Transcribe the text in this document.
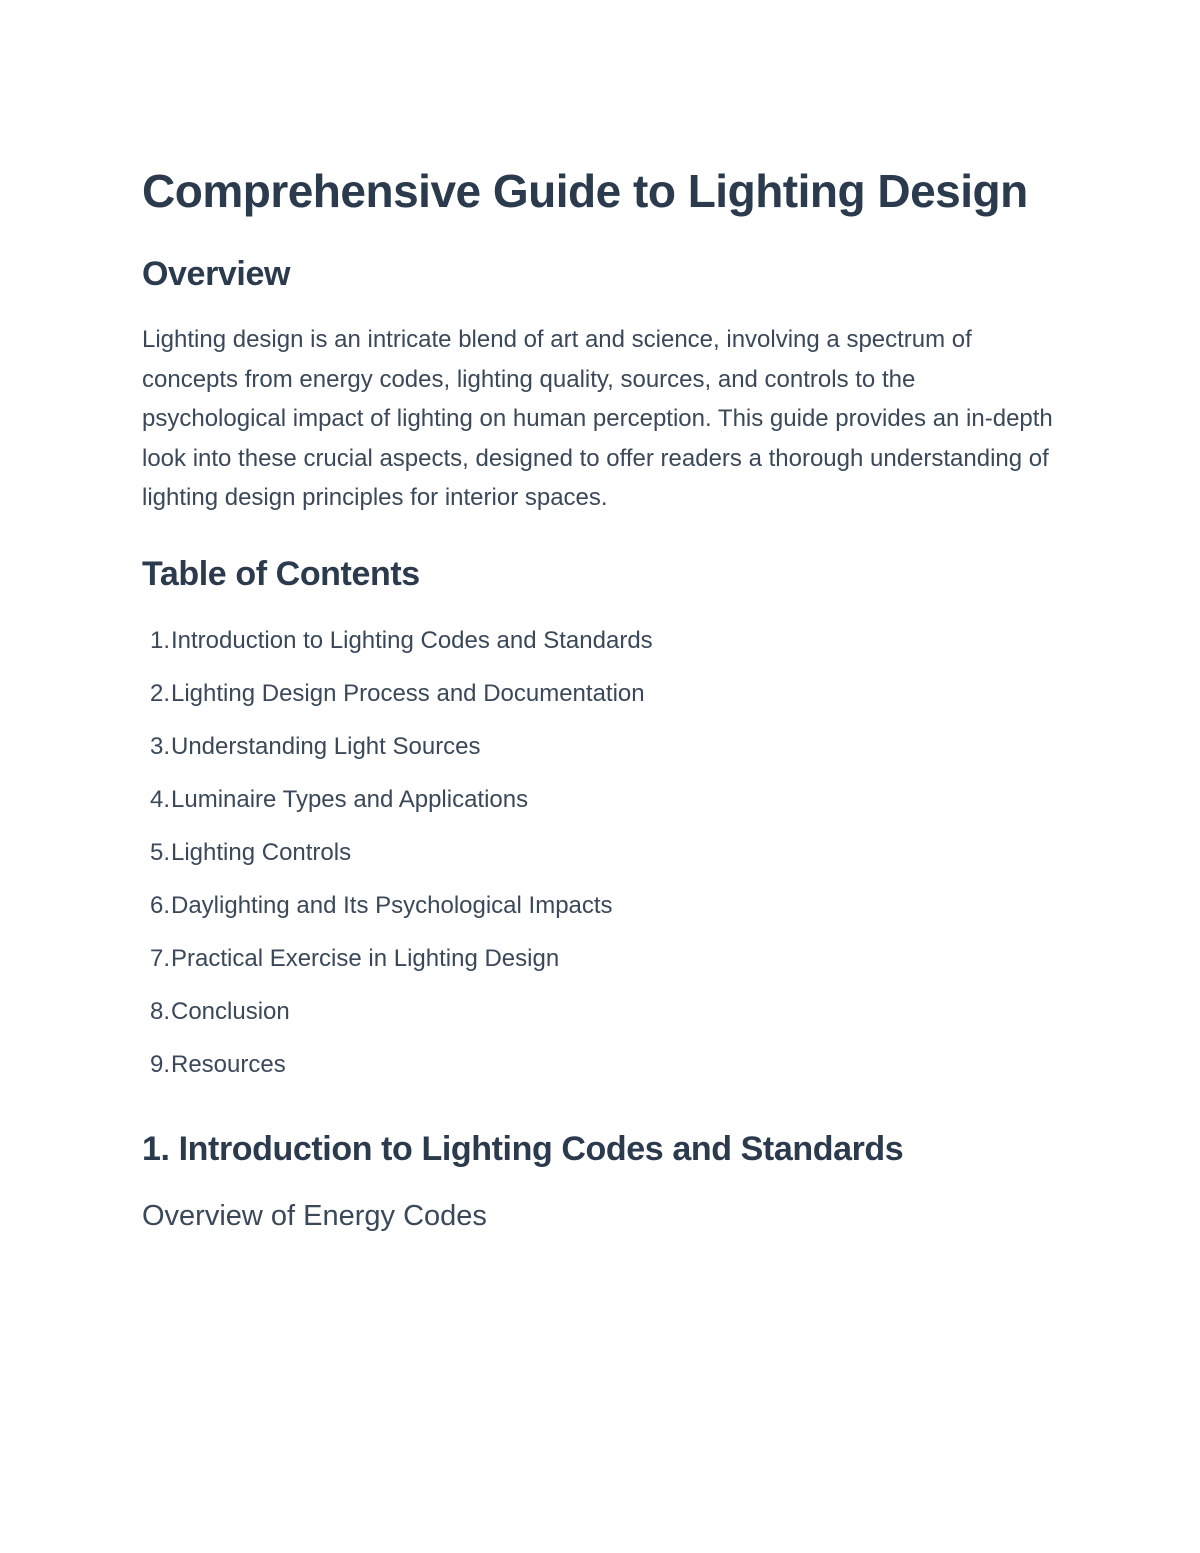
Comprehensive Guide to Lighting Design
Overview

Lighting design is an intricate blend of art and science, involving a spectrum of concepts from energy codes, lighting quality, sources, and controls to the psychological impact of lighting on human perception. This guide provides an in-depth look into these crucial aspects, designed to offer readers a thorough understanding of lighting design principles for interior spaces.

Table of Contents
1. Introduction to Lighting Codes and Standards
2. Lighting Design Process and Documentation
3. Understanding Light Sources
4. Luminaire Types and Applications
5. Lighting Controls
6. Daylighting and Its Psychological Impacts
7. Practical Exercise in Lighting Design
8. Conclusion
9. Resources
1. Introduction to Lighting Codes and Standards
Overview of Energy Codes
